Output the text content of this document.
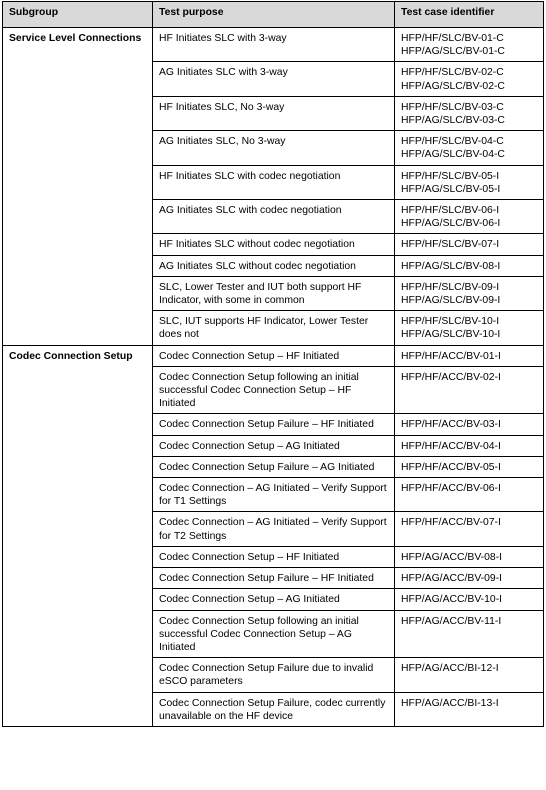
Subgroup	Test purpose	Test case identifier
Service Level Connections	HF Initiates SLC with 3-way	HFP/HF/SLC/BV-01-C
HFP/AG/SLC/BV-01-C

	AG Initiates SLC with 3-way	HFP/HF/SLC/BV-02-C
HFP/AG/SLC/BV-02-C

	HF Initiates SLC, No 3-way	HFP/HF/SLC/BV-03-C
HFP/AG/SLC/BV-03-C

	AG Initiates SLC, No 3-way	HFP/HF/SLC/BV-04-C
HFP/AG/SLC/BV-04-C

	HF Initiates SLC with codec negotiation	HFP/HF/SLC/BV-05-I
HFP/AG/SLC/BV-05-I

	AG Initiates SLC with codec negotiation	HFP/HF/SLC/BV-06-I
HFP/AG/SLC/BV-06-I

	HF Initiates SLC without codec negotiation	HFP/HF/SLC/BV-07-I

	AG Initiates SLC without codec negotiation	HFP/AG/SLC/BV-08-I

	SLC, Lower Tester and IUT both support HF Indicator, with some in common	HFP/HF/SLC/BV-09-I
HFP/AG/SLC/BV-09-I

	SLC, IUT supports HF Indicator, Lower Tester does not	HFP/HF/SLC/BV-10-I
HFP/AG/SLC/BV-10-I

Codec Connection Setup	Codec Connection Setup – HF Initiated	HFP/HF/ACC/BV-01-I

	Codec Connection Setup following an initial successful Codec Connection Setup – HF Initiated	HFP/HF/ACC/BV-02-I

	Codec Connection Setup Failure – HF Initiated	HFP/HF/ACC/BV-03-I

	Codec Connection Setup – AG Initiated	HFP/HF/ACC/BV-04-I

	Codec Connection Setup Failure – AG Initiated	HFP/HF/ACC/BV-05-I

	Codec Connection – AG Initiated – Verify Support for T1 Settings	HFP/HF/ACC/BV-06-I

	Codec Connection – AG Initiated – Verify Support for T2 Settings	HFP/HF/ACC/BV-07-I

	Codec Connection Setup – HF Initiated	HFP/AG/ACC/BV-08-I

	Codec Connection Setup Failure – HF Initiated	HFP/AG/ACC/BV-09-I

	Codec Connection Setup – AG Initiated	HFP/AG/ACC/BV-10-I

	Codec Connection Setup following an initial successful Codec Connection Setup – AG Initiated	HFP/AG/ACC/BV-11-I

	Codec Connection Setup Failure due to invalid eSCO parameters	HFP/AG/ACC/BI-12-I

	Codec Connection Setup Failure, codec currently unavailable on the HF device	HFP/AG/ACC/BI-13-I
